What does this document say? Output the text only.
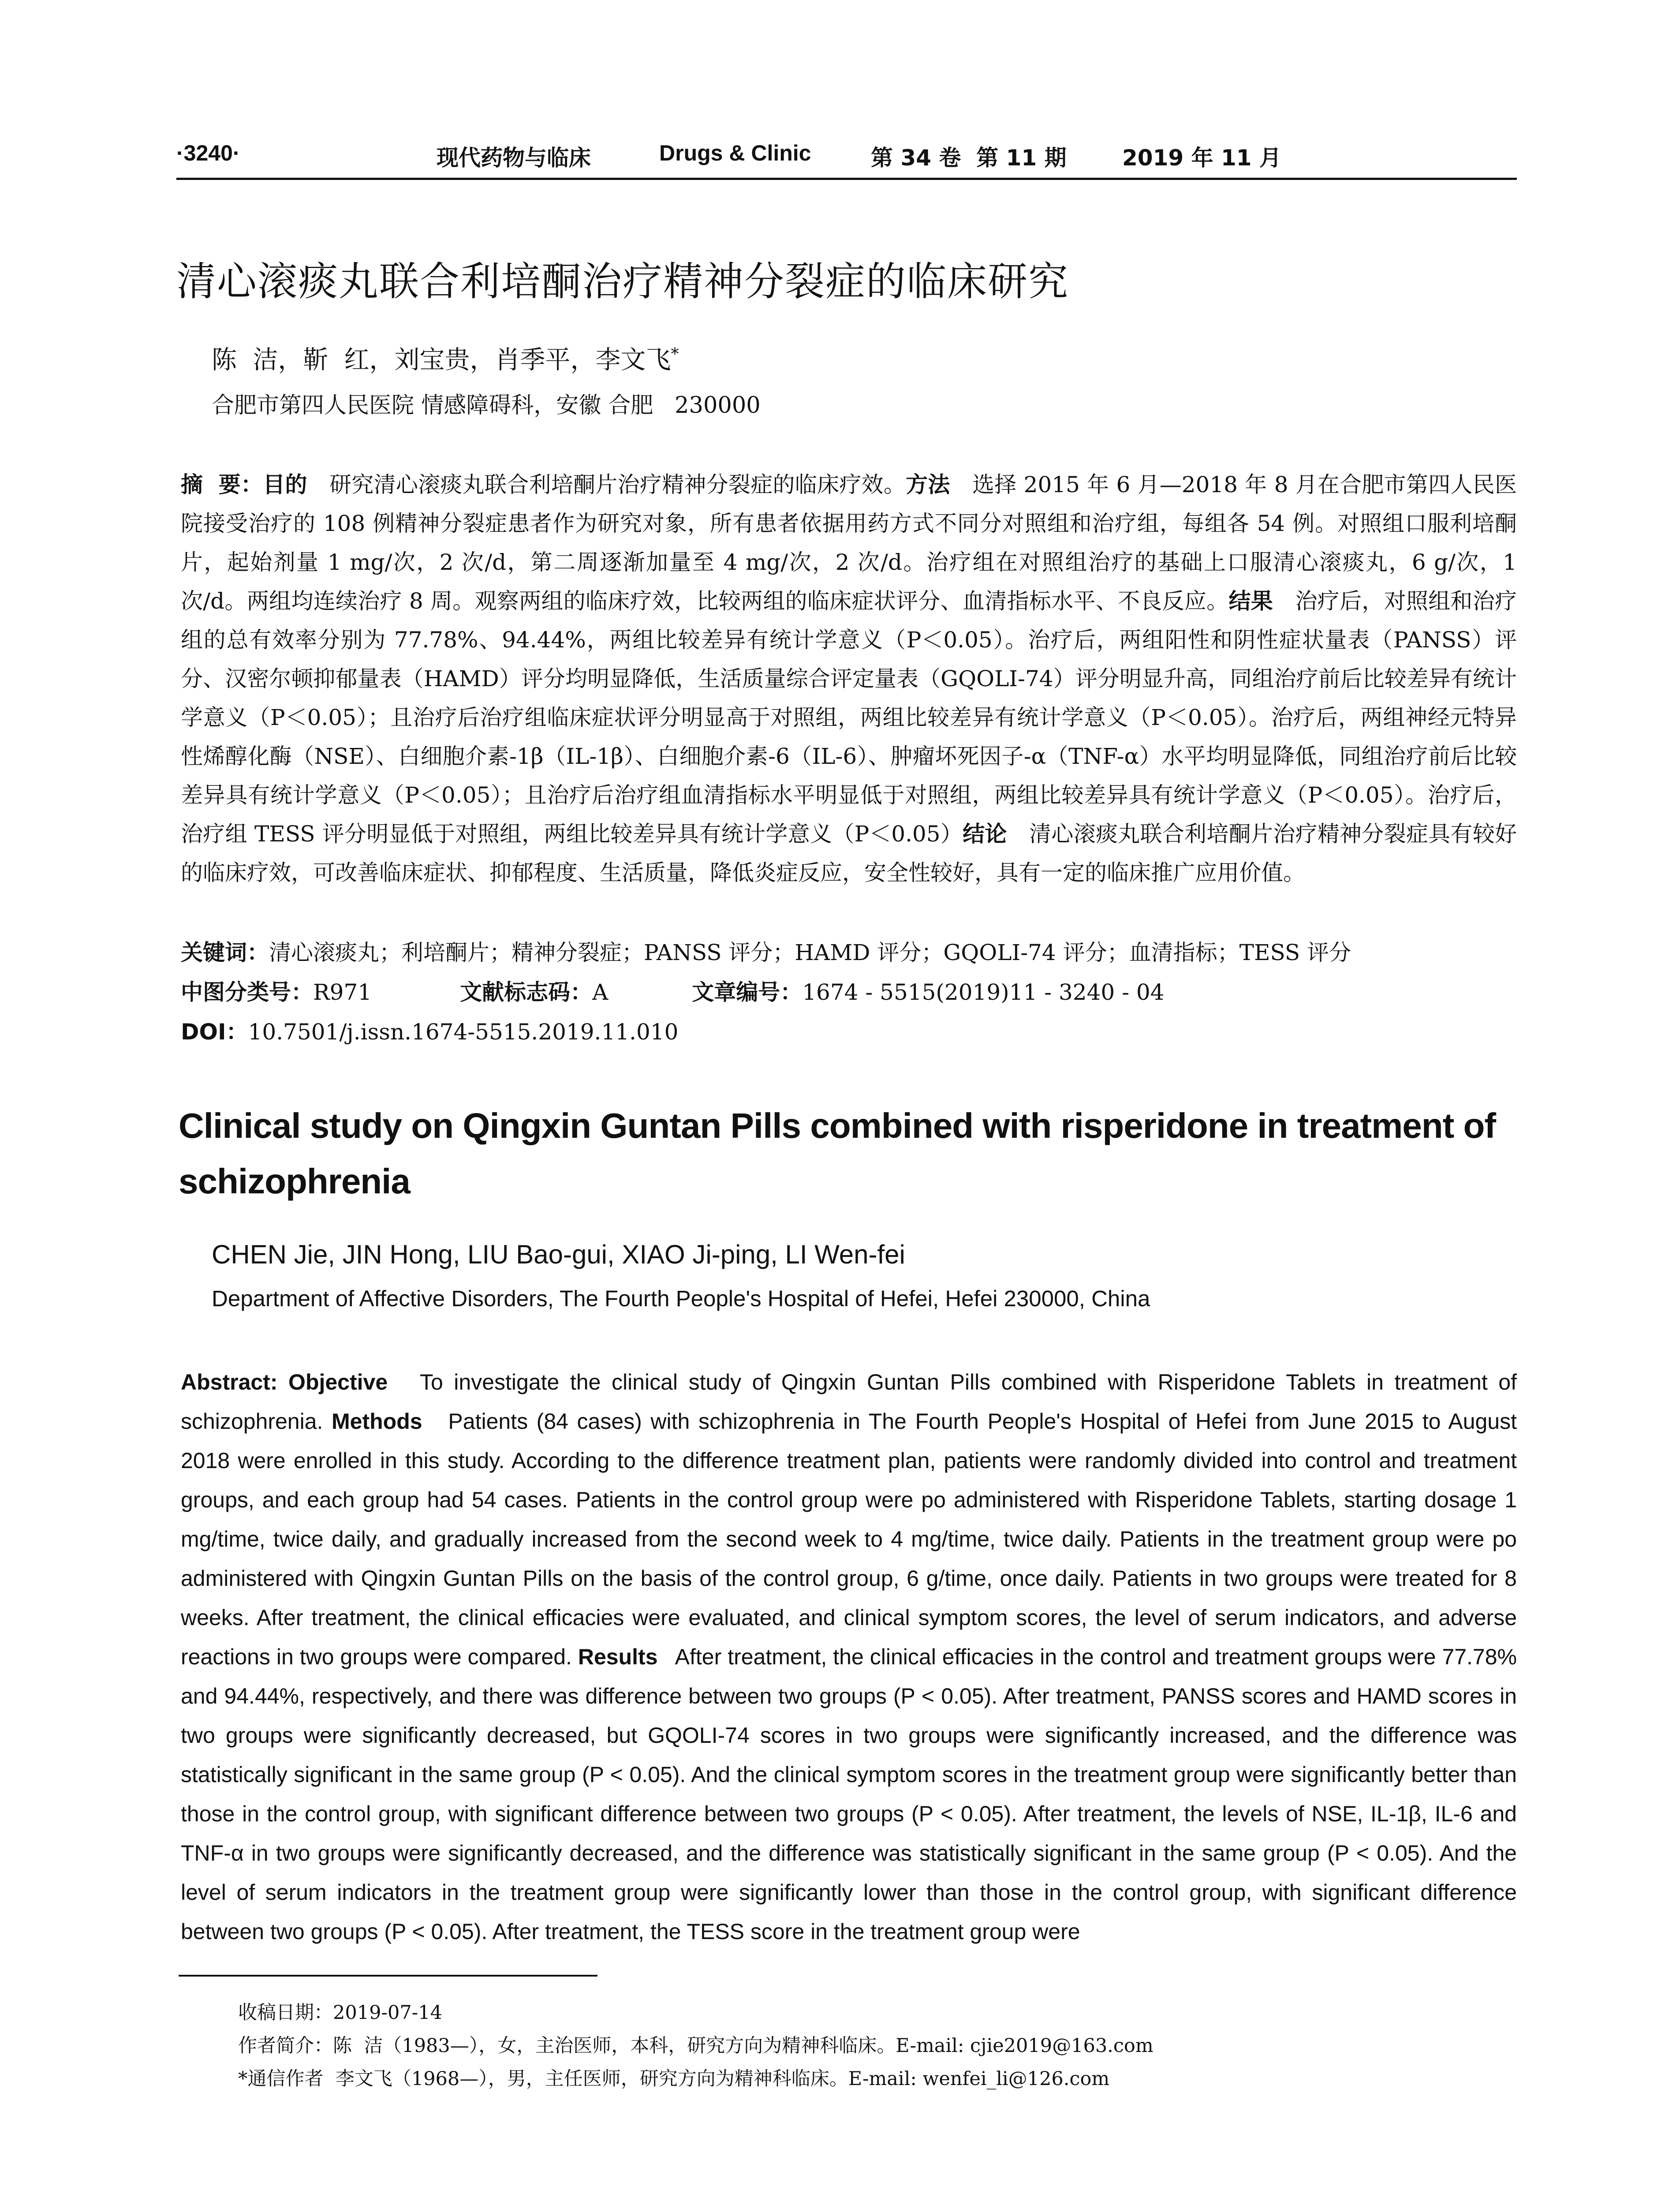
·3240·	现代药物与临床	Drugs & Clinic	第 34 卷  第 11 期	2019 年 11 月
清心滚痰丸联合利培酮治疗精神分裂症的临床研究
陈  洁，靳  红，刘宝贵，肖季平，李文飞*
合肥市第四人民医院 情感障碍科，安徽 合肥   230000
摘  要：目的　 研究清心滚痰丸联合利培酮片治疗精神分裂症的临床疗效。方法　 选择 2015 年 6 月—2018 年 8 月在合肥市第四人民医院接受治疗的 108 例精神分裂症患者作为研究对象，所有患者依据用药方式不同分对照组和治疗组，每组各 54 例。对照组口服利培酮片，起始剂量 1 mg/次，2 次/d，第二周逐渐加量至 4 mg/次，2 次/d。治疗组在对照组治疗的基础上口服清心滚痰丸，6 g/次，1 次/d。两组均连续治疗 8 周。观察两组的临床疗效，比较两组的临床症状评分、血清指标水平、不良反应。结果　 治疗后，对照组和治疗组的总有效率分别为 77.78%、94.44%，两组比较差异有统计学意义（P＜0.05）。治疗后，两组阳性和阴性症状量表（PANSS）评分、汉密尔顿抑郁量表（HAMD）评分均明显降低，生活质量综合评定量表（GQOLI-74）评分明显升高，同组治疗前后比较差异有统计学意义（P＜0.05）；且治疗后治疗组临床症状评分明显高于对照组，两组比较差异有统计学意义（P＜0.05）。治疗后，两组神经元特异性烯醇化酶（NSE）、白细胞介素-1β（IL-1β）、白细胞介素-6（IL-6）、肿瘤坏死因子-α（TNF-α）水平均明显降低，同组治疗前后比较差异具有统计学意义（P＜0.05）；且治疗后治疗组血清指标水平明显低于对照组，两组比较差异具有统计学意义（P＜0.05）。治疗后，治疗组 TESS 评分明显低于对照组，两组比较差异具有统计学意义（P＜0.05）结论　 清心滚痰丸联合利培酮片治疗精神分裂症具有较好的临床疗效，可改善临床症状、抑郁程度、生活质量，降低炎症反应，安全性较好，具有一定的临床推广应用价值。
关键词：清心滚痰丸；利培酮片；精神分裂症；PANSS 评分；HAMD 评分；GQOLI-74 评分；血清指标；TESS 评分
中图分类号：R971	文献标志码：A	文章编号：1674 - 5515(2019)11 - 3240 - 04
DOI：10.7501/j.issn.1674-5515.2019.11.010
Clinical study on Qingxin Guntan Pills combined with risperidone in treatment of schizophrenia
CHEN Jie, JIN Hong, LIU Bao-gui, XIAO Ji-ping, LI Wen-fei
Department of Affective Disorders, The Fourth People's Hospital of Hefei, Hefei 230000, China
Abstract: Objective To investigate the clinical study of Qingxin Guntan Pills combined with Risperidone Tablets in treatment of schizophrenia. Methods Patients (84 cases) with schizophrenia in The Fourth People's Hospital of Hefei from June 2015 to August 2018 were enrolled in this study. According to the difference treatment plan, patients were randomly divided into control and treatment groups, and each group had 54 cases. Patients in the control group were po administered with Risperidone Tablets, starting dosage 1 mg/time, twice daily, and gradually increased from the second week to 4 mg/time, twice daily. Patients in the treatment group were po administered with Qingxin Guntan Pills on the basis of the control group, 6 g/time, once daily. Patients in two groups were treated for 8 weeks. After treatment, the clinical efficacies were evaluated, and clinical symptom scores, the level of serum indicators, and adverse reactions in two groups were compared. Results After treatment, the clinical efficacies in the control and treatment groups were 77.78% and 94.44%, respectively, and there was difference between two groups (P < 0.05). After treatment, PANSS scores and HAMD scores in two groups were significantly decreased, but GQOLI-74 scores in two groups were significantly increased, and the difference was statistically significant in the same group (P < 0.05). And the clinical symptom scores in the treatment group were significantly better than those in the control group, with significant difference between two groups (P < 0.05). After treatment, the levels of NSE, IL-1β, IL-6 and TNF-α in two groups were significantly decreased, and the difference was statistically significant in the same group (P < 0.05). And the level of serum indicators in the treatment group were significantly lower than those in the control group, with significant difference between two groups (P < 0.05). After treatment, the TESS score in the treatment group were
收稿日期：2019-07-14
作者简介：陈  洁（1983—），女，主治医师，本科，研究方向为精神科临床。E-mail: cjie2019@163.com
*通信作者  李文飞（1968—），男，主任医师，研究方向为精神科临床。E-mail: wenfei_li@126.com
